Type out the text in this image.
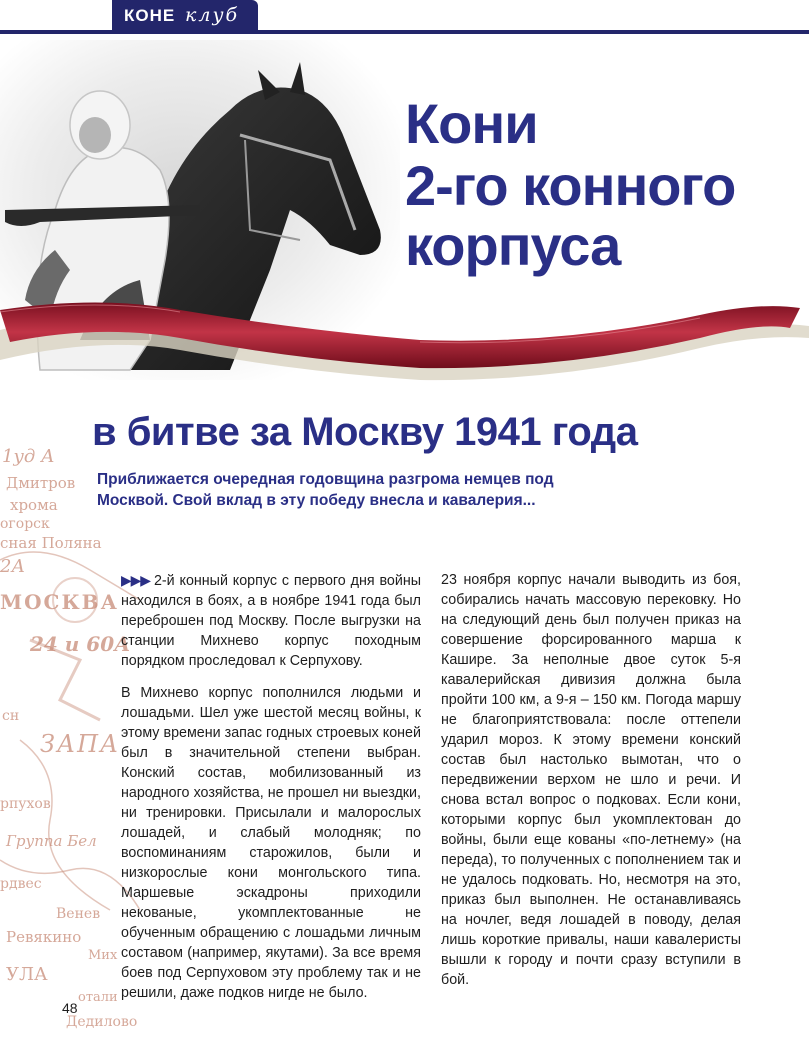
КОНЕ клуб
1уд А
Дмитров
хрома
огорск
сная Поляна
2А
МОСКВА
24 и 60А
сн
ЗАПА
рпухов
Группа Бел
рдвес
Венев
Ревякино
Мих
УЛА
отали
Дедилово
Кони
2-го конного
корпуса
в битве за Москву 1941 года
Приближается очередная годовщина разгрома немцев под
Москвой. Свой вклад в эту победу внесла и кавалерия...

▶▶▶ 2-й конный корпус с первого дня войны находился в боях, а в ноябре 1941 года был переброшен под Москву. После выгрузки на станции Михнево корпус походным порядком проследовал к Серпухову.

В Михнево корпус пополнился людьми и лошадьми. Шел уже шестой месяц войны, к этому времени запас годных строевых коней был в значительной степени выбран. Конский состав, мобилизованный из народного хозяйства, не прошел ни выездки, ни тренировки. Присылали и малорослых лошадей, и слабый молодняк; по воспоминаниям старожилов, были и низкорослые кони монгольского типа. Маршевые эскадроны приходили некованые, укомплектованные не обученным обращению с лошадьми личным составом (например, якутами). За все время боев под Серпуховом эту проблему так и не решили, даже подков нигде не было.

23 ноября корпус начали выводить из боя, собирались начать массовую перековку. Но на следующий день был получен приказ на совершение форсированного марша к Кашире. За неполные двое суток 5-я кавалерийская дивизия должна была пройти 100 км, а 9-я – 150 км. Погода маршу не благоприятствовала: после оттепели ударил мороз. К этому времени конский состав был настолько вымотан, что о передвижении верхом не шло и речи. И снова встал вопрос о подковах. Если кони, которыми корпус был укомплектован до войны, были еще кованы «по-летнему» (на переда), то полученных с пополнением так и не удалось подковать. Но, несмотря на это, приказ был выполнен. Не останавливаясь на ночлег, ведя лошадей в поводу, делая лишь короткие привалы, наши кавалеристы вышли к городу и почти сразу вступили в бой.

48
